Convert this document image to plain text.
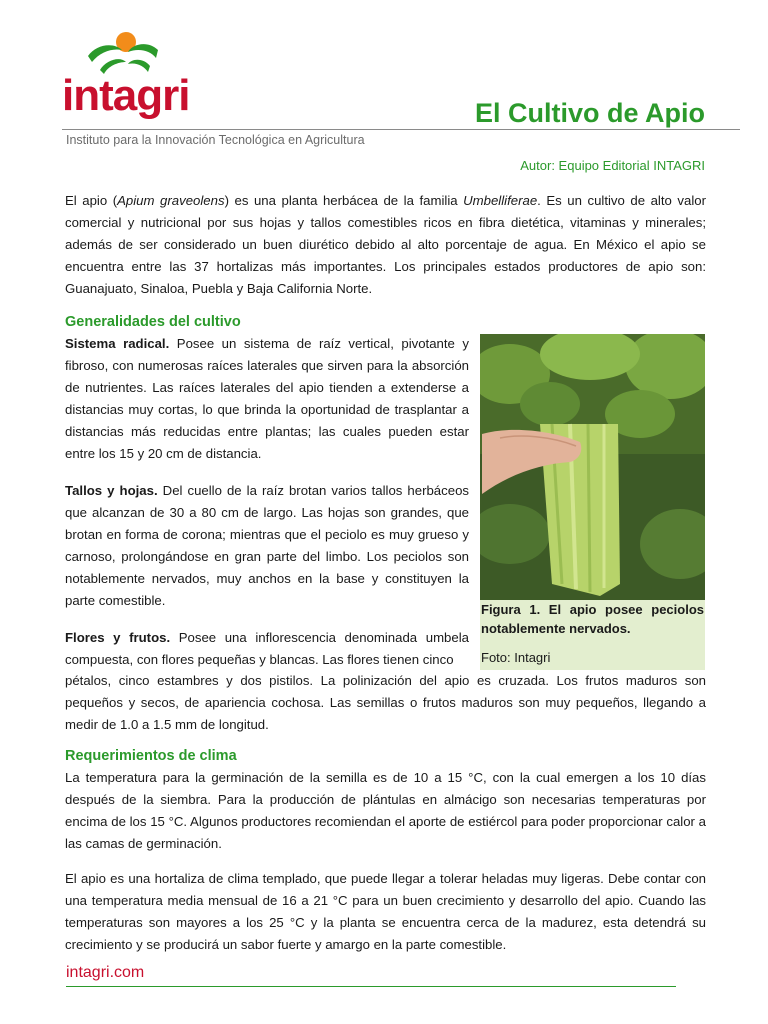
intagri	El Cultivo de Apio
Instituto para la Innovación Tecnológica en Agricultura
Autor: Equipo Editorial INTAGRI
El apio (Apium graveolens) es una planta herbácea de la familia Umbelliferae. Es un cultivo de alto valor comercial y nutricional por sus hojas y tallos comestibles ricos en fibra dietética, vitaminas y minerales; además de ser considerado un buen diurético debido al alto porcentaje de agua. En México el apio se encuentra entre las 37 hortalizas más importantes. Los principales estados productores de apio son: Guanajuato, Sinaloa, Puebla y Baja California Norte.
Generalidades del cultivo
Sistema radical. Posee un sistema de raíz vertical, pivotante y fibroso, con numerosas raíces laterales que sirven para la absorción de nutrientes. Las raíces laterales del apio tienden a extenderse a distancias muy cortas, lo que brinda la oportunidad de trasplantar a distancias más reducidas entre plantas; las cuales pueden estar entre los 15 y 20 cm de distancia.
Tallos y hojas. Del cuello de la raíz brotan varios tallos herbáceos que alcanzan de 30 a 80 cm de largo. Las hojas son grandes, que brotan en forma de corona; mientras que el peciolo es muy grueso y carnoso, prolongándose en gran parte del limbo. Los peciolos son notablemente nervados, muy anchos en la base y constituyen la parte comestible.
Flores y frutos. Posee una inflorescencia denominada umbela compuesta, con flores pequeñas y blancas. Las flores tienen cinco
pétalos, cinco estambres y dos pistilos. La polinización del apio es cruzada. Los frutos maduros son pequeños y secos, de apariencia cochosa. Las semillas o frutos maduros son muy pequeños, llegando a medir de 1.0 a 1.5 mm de longitud.
Figura 1. El apio posee peciolos notablemente nervados.
Foto: Intagri
Requerimientos de clima
La temperatura para la germinación de la semilla es de 10 a 15 °C, con la cual emergen a los 10 días después de la siembra. Para la producción de plántulas en almácigo son necesarias temperaturas por encima de los 15 °C. Algunos productores recomiendan el aporte de estiércol para poder proporcionar calor a las camas de germinación.
El apio es una hortaliza de clima templado, que puede llegar a tolerar heladas muy ligeras. Debe contar con una temperatura media mensual de 16 a 21 °C para un buen crecimiento y desarrollo del apio. Cuando las temperaturas son mayores a los 25 °C y la planta se encuentra cerca de la madurez, esta detendrá su crecimiento y se producirá un sabor fuerte y amargo en la parte comestible.
intagri.com
